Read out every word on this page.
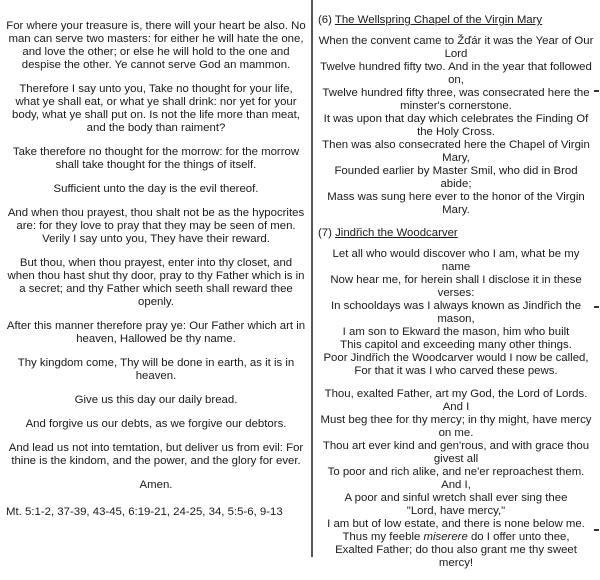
For where your treasure is, there will your heart be also. No man can serve two masters: for either he will hate the one, and love the other; or else he will hold to the one and despise the other. Ye cannot serve God an mammon.

Therefore I say unto you, Take no thought for your life, what ye shall eat, or what ye shall drink: nor yet for your body, what ye shall put on. Is not the life more than meat, and the body than raiment?

Take therefore no thought for the morrow: for the morrow shall take thought for the things of itself.

Sufficient unto the day is the evil thereof.

And when thou prayest, thou shalt not be as the hypocrites are: for they love to pray that they may be seen of men. Verily I say unto you, They have their reward.

But thou, when thou prayest, enter into thy closet, and when thou hast shut thy door, pray to thy Father which is in a secret; and thy Father which seeth shall reward thee openly.

After this manner therefore pray ye: Our Father which art in heaven, Hallowed be thy name.

Thy kingdom come, Thy will be done in earth, as it is in heaven.

Give us this day our daily bread.

And forgive us our debts, as we forgive our debtors.

And lead us not into temtation, but deliver us from evil: For thine is the kindom, and the power, and the glory for ever.

Amen.

Mt. 5:1-2, 37-39, 43-45, 6:19-21, 24-25, 34, 5:5-6, 9-13

(6) The Wellspring Chapel of the Virgin Mary
When the convent came to Žďár it was the Year of Our Lord
Twelve hundred fifty two. And in the year that followed on,
Twelve hundred fifty three, was consecrated here the minster's cornerstone.
It was upon that day which celebrates the Finding Of the Holy Cross.
Then was also consecrated here the Chapel of Virgin Mary,
Founded earlier by Master Smil, who did in Brod abide;
Mass was sung here ever to the honor of the Virgin Mary.
(7) Jindřich the Woodcarver
Let all who would discover who I am, what be my name
Now hear me, for herein shall I disclose it in these verses:
In schooldays was I always known as Jindřich the mason,
I am son to Ekward the mason, him who built
This capitol and exceeding many other things.
Poor Jindřich the Woodcarver would I now be called,
For that it was I who carved these pews.
Thou, exalted Father, art my God, the Lord of Lords. And I
Must beg thee for thy mercy; in thy might, have mercy on me.
Thou art ever kind and gen'rous, and with grace thou givest all
To poor and rich alike, and ne'er reproachest them. And I,
A poor and sinful wretch shall ever sing thee
"Lord, have mercy,"
I am but of low estate, and there is none below me.
Thus my feeble miserere do I offer unto thee,
Exalted Father; do thou also grant me thy sweet mercy!
